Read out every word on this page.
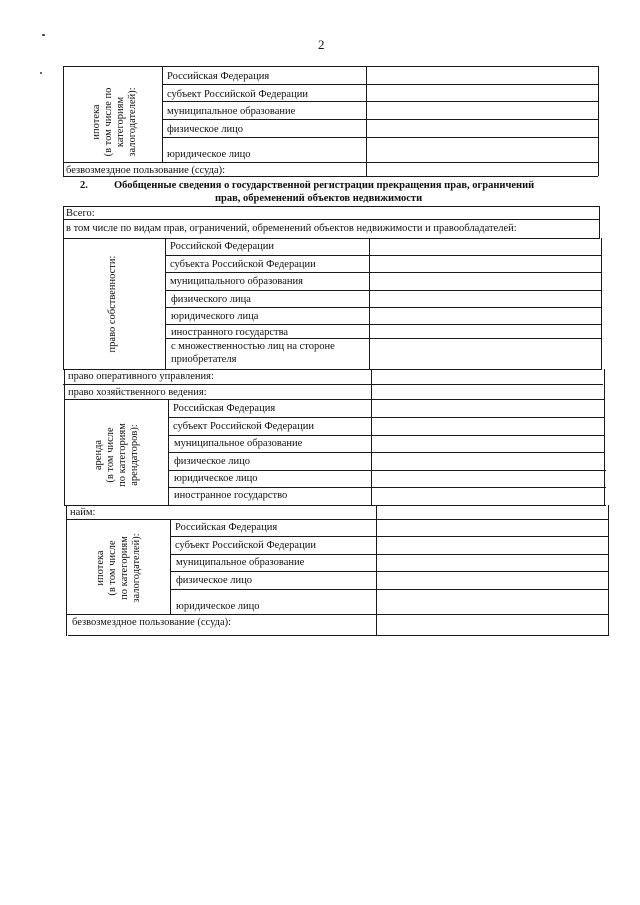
2
ипотека (в том числе по категориям залогодателей):
Российская Федерация
субъект Российской Федерации
муниципальное образование
физическое лицо
юридическое лицо
безвозмездное пользование (ссуда):
2. Обобщенные сведения о государственной регистрации прекращения прав, ограничений
прав, обременений объектов недвижимости
Всего:
в том числе по видам прав, ограничений, обременений объектов недвижимости и правообладателей:
право собственности:
Российской Федерации
субъекта Российской Федерации
муниципального образования
физического лица
юридического лица
иностранного государства
с множественностью лиц на стороне приобретателя
право оперативного управления:
право хозяйственного ведения:
аренда (в том числе по категориям арендаторов):
Российская Федерация
субъект Российской Федерации
муниципальное образование
физическое лицо
юридическое лицо
иностранное государство
найм:
ипотека (в том числе по категориям залогодателей):
Российская Федерация
субъект Российской Федерации
муниципальное образование
физическое лицо
юридическое лицо
безвозмездное пользование (ссуда):
